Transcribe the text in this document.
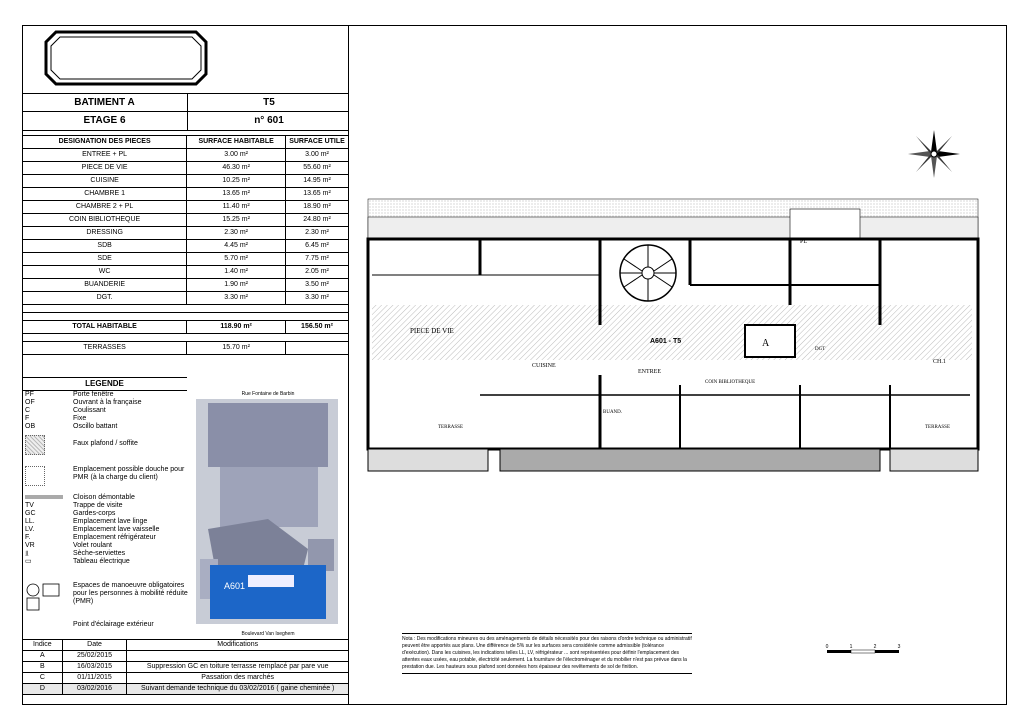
BATIMENT A	T5
ETAGE 6	n° 601
DESIGNATION DES PIECES	SURFACE HABITABLE	SURFACE UTILE
ENTREE + PL	3.00 m²	3.00 m²
PIECE DE VIE	46.30 m²	55.60 m²
CUISINE	10.25 m²	14.95 m²
CHAMBRE 1	13.65 m²	13.65 m²
CHAMBRE 2 + PL	11.40 m²	18.90 m²
COIN BIBLIOTHEQUE	15.25 m²	24.80 m²
DRESSING	2.30 m²	2.30 m²
SDB	4.45 m²	6.45 m²
SDE	5.70 m²	7.75 m²
WC	1.40 m²	2.05 m²
BUANDERIE	1.90 m²	3.50 m²
DGT.	3.30 m²	3.30 m²

TOTAL HABITABLE	118.90 m²	156.50 m²

TERRASSES	15.70 m²	
LEGENDE
PF	Porte fenêtre
OF	Ouvrant à la française
C	Coulissant
F	Fixe
OB	Oscillo battant
Faux plafond / soffite
Emplacement possible douche pour PMR (à la charge du client)
Cloison démontable
TV	Trappe de visite
GC	Gardes-corps
LL.	Emplacement lave linge
LV.	Emplacement lave vaisselle
F.	Emplacement réfrigérateur
VR	Volet roulant
⫫	Sèche-serviettes
▭	Tableau électrique
Espaces de manoeuvre obligatoires pour les personnes à mobilité réduite (PMR)
Point d'éclairage extérieur
Rue Fontaine de Barbin
A601
Boulevard Van Iseghem
Indice	Date	Modifications
A	25/02/2015	
B	16/03/2015	Suppression GC en toiture terrasse remplacé par pare vue
C	01/11/2015	Passation des marchés
D	03/02/2016	Suivant demande technique du 03/02/2016 ( gaine cheminée )
PIECE DE VIE
CUISINE
ENTREE
COIN BIBLIOTHEQUE
BUAND.
TERRASSE	TERRASSE
CH.1
DGT
A601 - T5	A
PL
Nota : Des modifications mineures ou des aménagements de détails nécessités pour des raisons d'ordre technique ou administratif peuvent être apportés aux plans. Une différence de 5% sur les surfaces sera considérée comme admissible (tolérance d'exécution). Dans les cuisines, les indications telles LL, LV, réfrigérateur ... sont représentées pour définir l'emplacement des attentes eaux usées, eau potable, électricité seulement. La fourniture de l'électroménager et du mobilier n'est pas prévue dans la prestation due. Les hauteurs sous plafond sont données hors épaisseur des revêtements de sol de finition.
0	1	2	3
